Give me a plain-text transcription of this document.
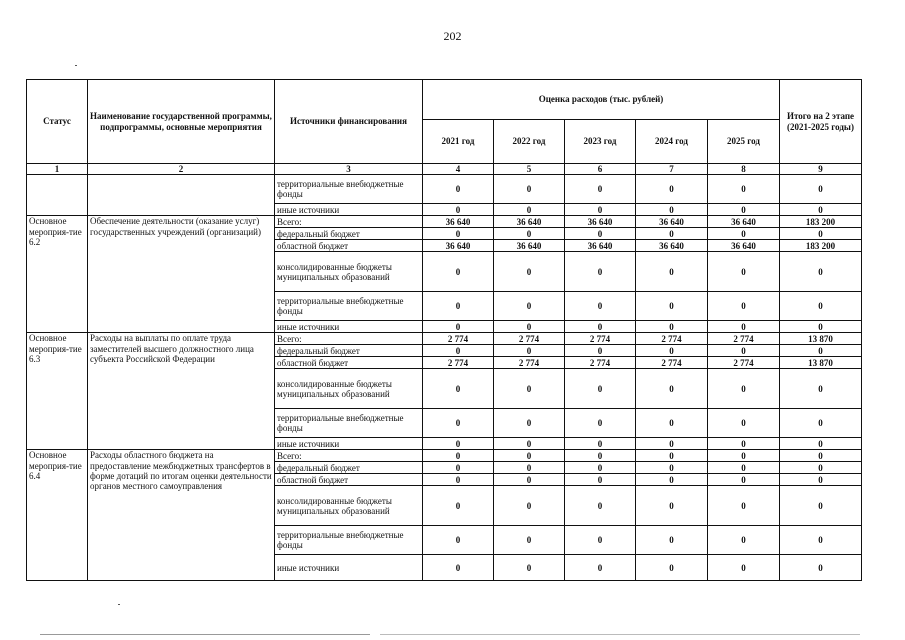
202
Статус	Наименование государственной программы, подпрограммы, основные мероприятия	Источники финансирования	Оценка расходов (тыс. рублей)					Итого на 2 этапе (2021-2025 годы)
			2021 год	2022 год	2023 год	2024 год	2025 год	
1	2	3	4	5	6	7	8	9
		территориальные внебюджетные фонды	0	0	0	0	0	0
		иные источники	0	0	0	0	0	0
Основное мероприя-тие 6.2	Обеспечение деятельности (оказание услуг) государственных учреждений (организаций)	Всего:	36 640	36 640	36 640	36 640	36 640	183 200
		федеральный бюджет	0	0	0	0	0	0
		областной бюджет	36 640	36 640	36 640	36 640	36 640	183 200
		консолидированные бюджеты муниципальных образований	0	0	0	0	0	0
		территориальные внебюджетные фонды	0	0	0	0	0	0
		иные источники	0	0	0	0	0	0
Основное мероприя-тие 6.3	Расходы на выплаты по оплате труда заместителей высшего должностного лица субъекта Российской Федерации	Всего:	2 774	2 774	2 774	2 774	2 774	13 870
		федеральный бюджет	0	0	0	0	0	0
		областной бюджет	2 774	2 774	2 774	2 774	2 774	13 870
		консолидированные бюджеты муниципальных образований	0	0	0	0	0	0
		территориальные внебюджетные фонды	0	0	0	0	0	0
		иные источники	0	0	0	0	0	0
Основное мероприя-тие 6.4	Расходы областного бюджета на предоставление межбюджетных трансфертов в форме дотаций по итогам оценки деятельности органов местного самоуправления	Всего:	0	0	0	0	0	0
		федеральный бюджет	0	0	0	0	0	0
		областной бюджет	0	0	0	0	0	0
		консолидированные бюджеты муниципальных образований	0	0	0	0	0	0
		территориальные внебюджетные фонды	0	0	0	0	0	0
		иные источники	0	0	0	0	0	0
